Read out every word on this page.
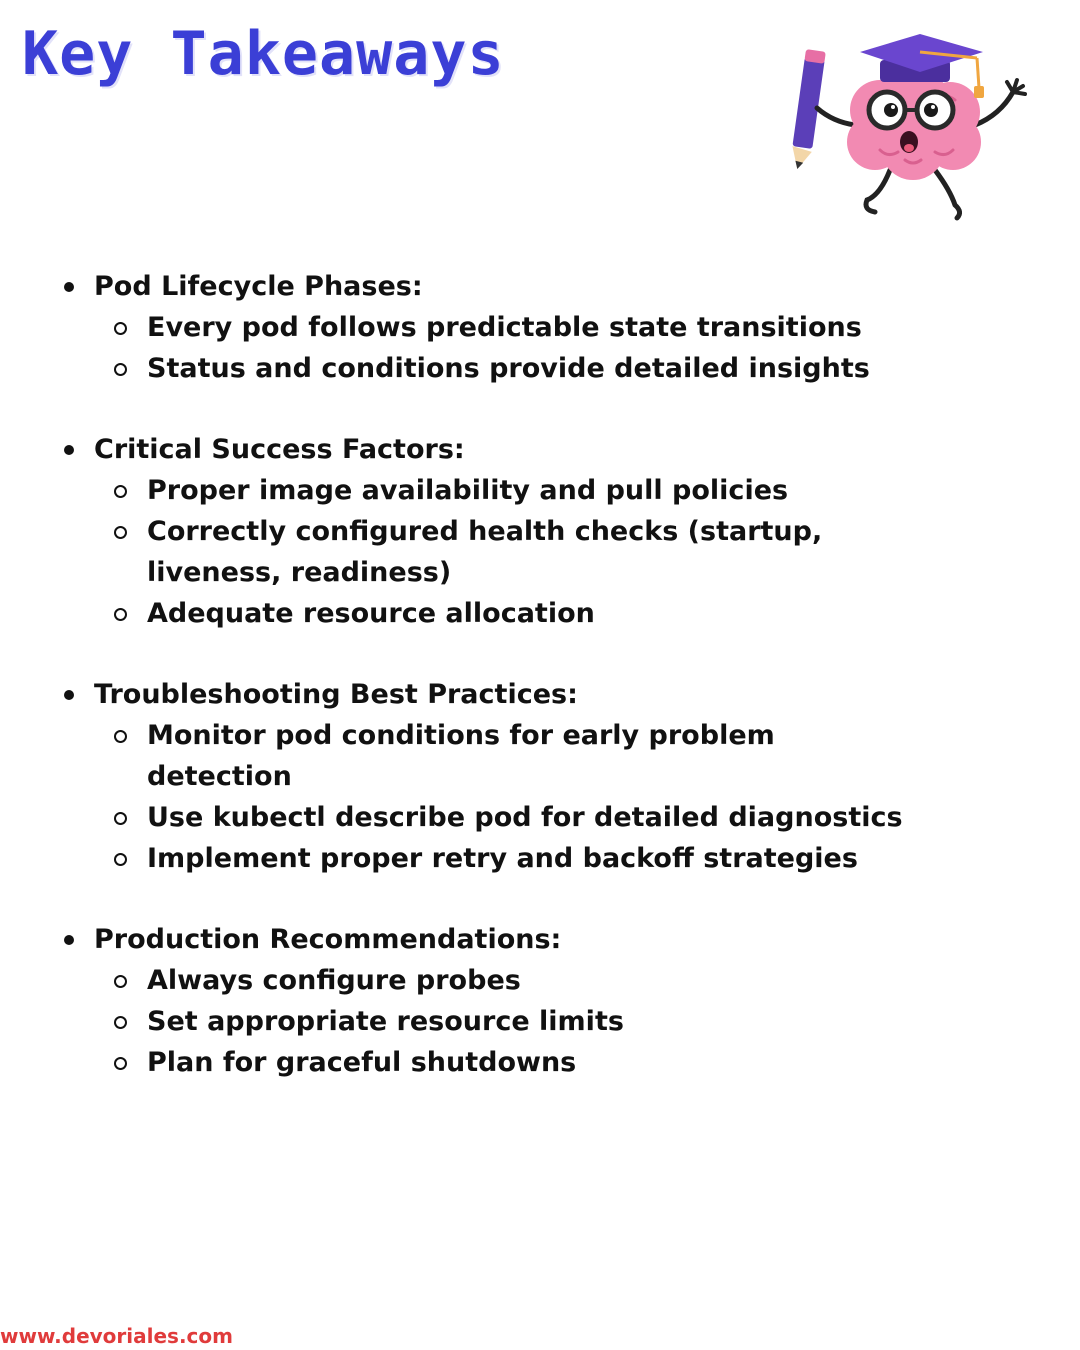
Key Takeaways
Pod Lifecycle Phases:
Every pod follows predictable state transitions
Status and conditions provide detailed insights
Critical Success Factors:
Proper image availability and pull policies
Correctly configured health checks (startup, liveness, readiness)
Adequate resource allocation
Troubleshooting Best Practices:
Monitor pod conditions for early problem detection
Use kubectl describe pod for detailed diagnostics
Implement proper retry and backoff strategies
Production Recommendations:
Always configure probes
Set appropriate resource limits
Plan for graceful shutdowns
www.devoriales.com
